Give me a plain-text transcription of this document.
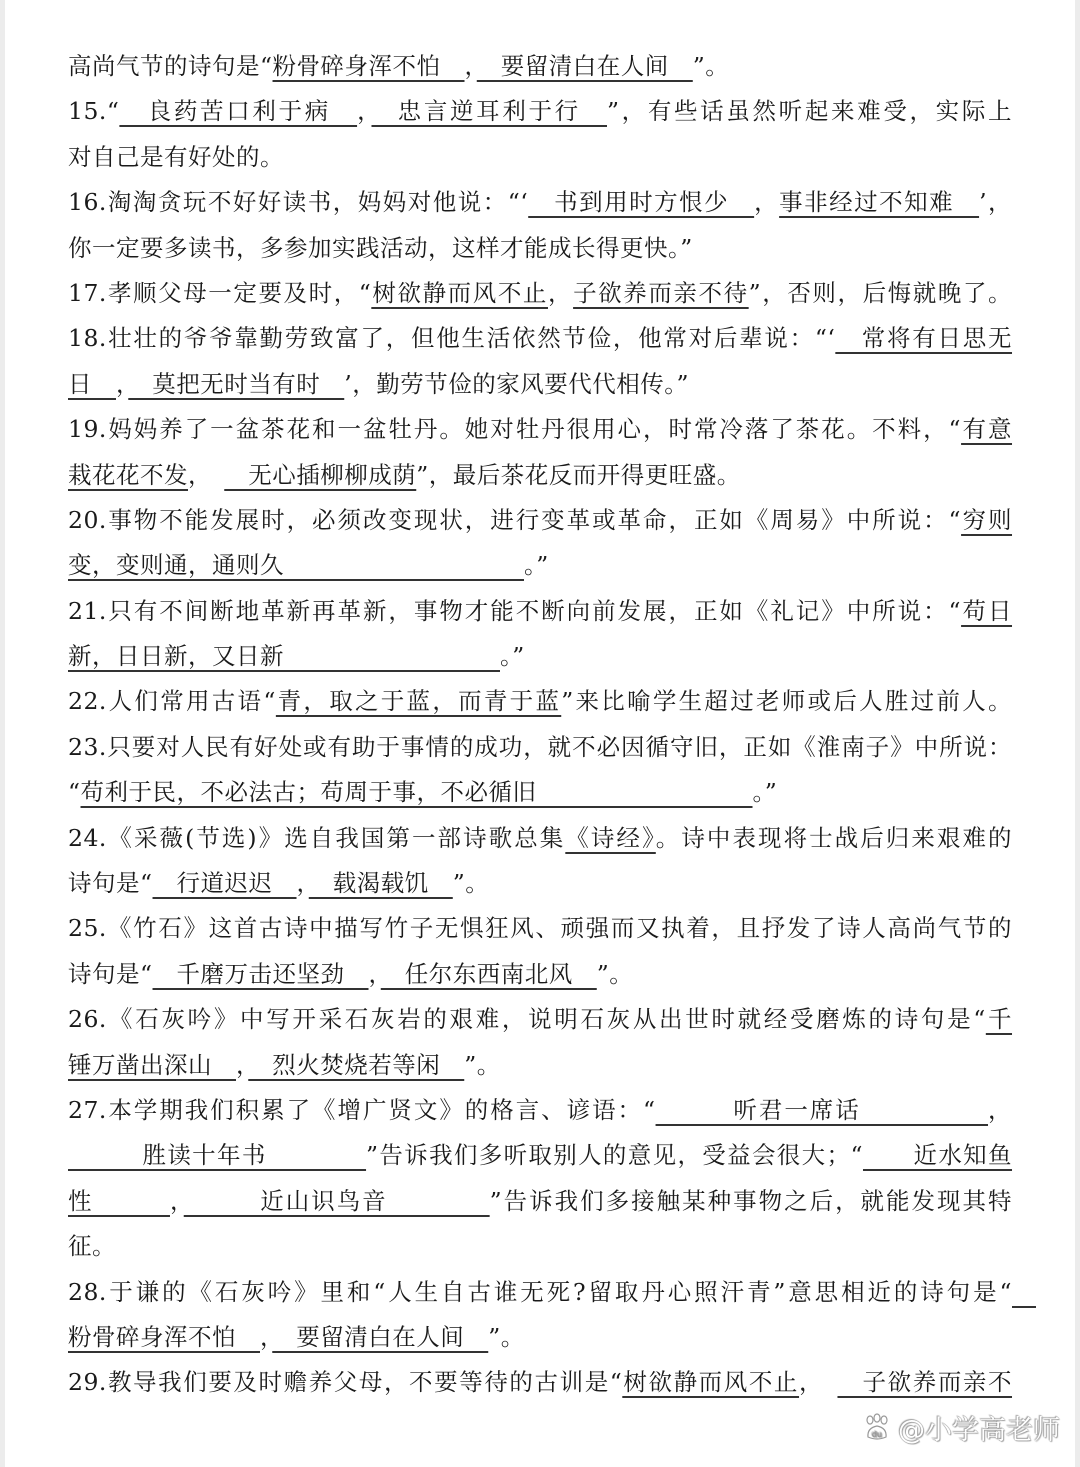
高尚气节的诗句是“粉骨碎身浑不怕　，　要留清白在人间　”。
15.“　良药苦口利于病　，　忠言逆耳利于行　”，有些话虽然听起来难受，实际上
对自己是有好处的。
16.淘淘贪玩不好好读书，妈妈对他说：“‘　书到用时方恨少　，事非经过不知难　’，
你一定要多读书，多参加实践活动，这样才能成长得更快。”
17.孝顺父母一定要及时，“树欲静而风不止，子欲养而亲不待”，否则，后悔就晚了。
18.壮壮的爷爷靠勤劳致富了，但他生活依然节俭，他常对后辈说：“‘　常将有日思无
日　，　莫把无时当有时　’，勤劳节俭的家风要代代相传。”
19.妈妈养了一盆茶花和一盆牡丹。她对牡丹很用心，时常冷落了茶花。不料，“有意
栽花花不发，　　无心插柳柳成荫”，最后茶花反而开得更旺盛。
20.事物不能发展时，必须改变现状，进行变革或革命，正如《周易》中所说：“穷则
变，变则通，通则久　　　　　　　　　　。”
21.只有不间断地革新再革新，事物才能不断向前发展，正如《礼记》中所说：“苟日
新，日日新，又日新　　　　　　　　　。”
22.人们常用古语“青，取之于蓝，而青于蓝”来比喻学生超过老师或后人胜过前人。
23.只要对人民有好处或有助于事情的成功，就不必因循守旧，正如《淮南子》中所说：
“苟利于民，不必法古；苟周于事，不必循旧　　　　　　　　　。”
24.《采薇(节选)》选自我国第一部诗歌总集《诗经》。诗中表现将士战后归来艰难的
诗句是“　行道迟迟　，　载渴载饥　”。
25.《竹石》这首古诗中描写竹子无惧狂风、顽强而又执着，且抒发了诗人高尚气节的
诗句是“　千磨万击还坚劲　，　任尔东西南北风　”。
26.《石灰吟》中写开采石灰岩的艰难，说明石灰从出世时就经受磨炼的诗句是“千
锤万凿出深山　，　烈火焚烧若等闲　”。
27.本学期我们积累了《增广贤文》的格言、谚语：“　　　听君一席话　　　　　，
　　　胜读十年书　　　　”告诉我们多听取别人的意见，受益会很大；“　　近水知鱼
性　　　，　　　近山识鸟音　　　　”告诉我们多接触某种事物之后，就能发现其特
征。
28.于谦的《石灰吟》里和“人生自古谁无死?留取丹心照汗青”意思相近的诗句是“　
粉骨碎身浑不怕　，　要留清白在人间　”。
29.教导我们要及时赡养父母，不要等待的古训是“树欲静而风不止，　　子欲养而亲不
du @小学高老师
